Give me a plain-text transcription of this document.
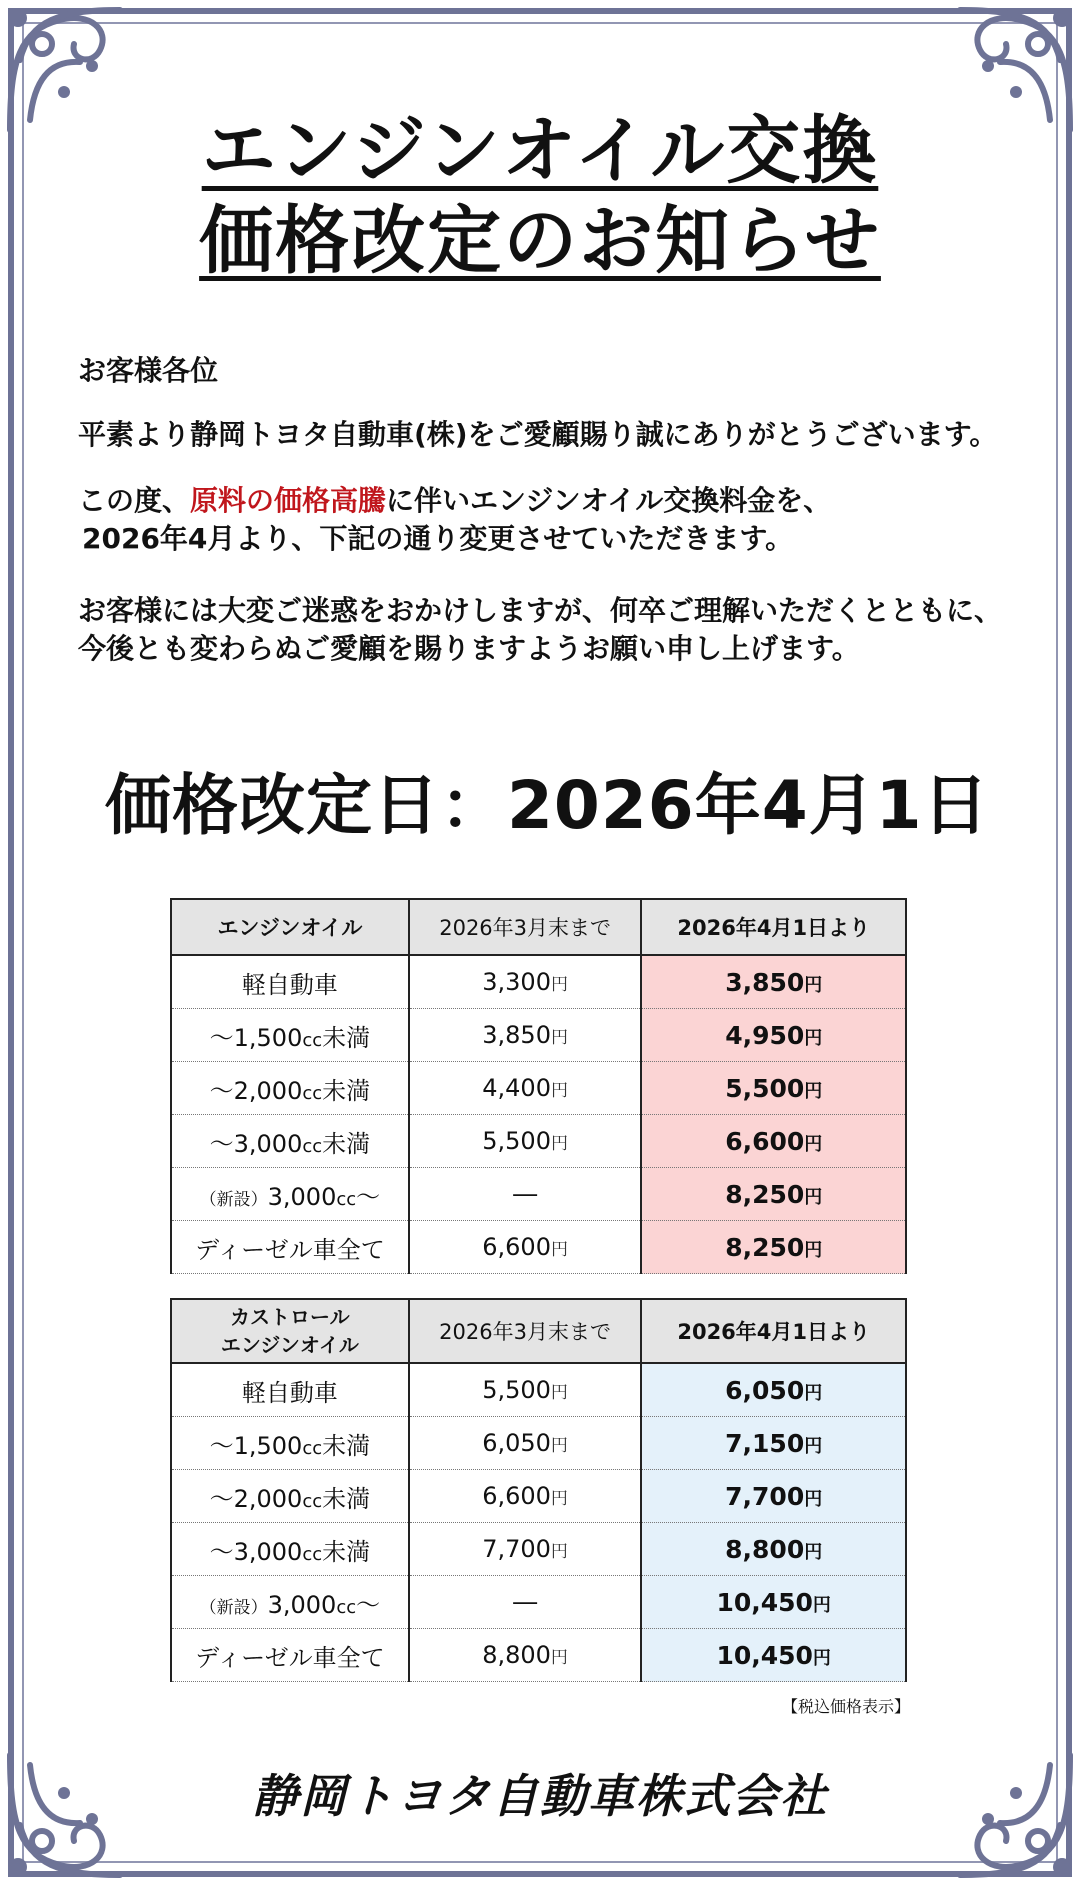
エンジンオイル交換
価格改定のお知らせ
お客様各位
平素より静岡トヨタ自動車(株)をご愛顧賜り誠にありがとうございます。
この度、原料の価格高騰に伴いエンジンオイル交換料金を、
2026年4月より、下記の通り変更させていただきます。
お客様には大変ご迷惑をおかけしますが、何卒ご理解いただくとともに、
今後とも変わらぬご愛顧を賜りますようお願い申し上げます。
価格改定日：2026年4月1日
エンジンオイル	2026年3月末まで	2026年4月1日より
軽自動車	3,300円	3,850円
～1,500cc未満	3,850円	4,950円
～2,000cc未満	4,400円	5,500円
～3,000cc未満	5,500円	6,600円
（新設）3,000cc～	―	8,250円
ディーゼル車全て	6,600円	8,250円
カストロール
エンジンオイル	2026年3月末まで	2026年4月1日より
軽自動車	5,500円	6,050円
～1,500cc未満	6,050円	7,150円
～2,000cc未満	6,600円	7,700円
～3,000cc未満	7,700円	8,800円
（新設）3,000cc～	―	10,450円
ディーゼル車全て	8,800円	10,450円
【税込価格表示】
静岡トヨタ自動車株式会社
